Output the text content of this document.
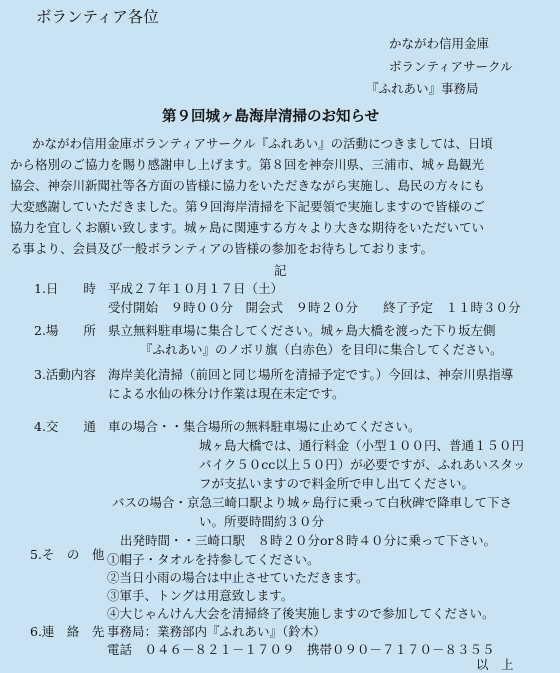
ボランティア各位
かながわ信用金庫
ボランティアサークル
『ふれあい』事務局
第９回城ヶ島海岸清掃のお知らせ
かながわ信用金庫ボランティアサークル『ふれあい』の活動につきましては、日頃
から格別のご協力を賜り感謝申し上げます。第８回を神奈川県、三浦市、城ヶ島観光
協会、神奈川新聞社等各方面の皆様に協力をいただきながら実施し、島民の方々にも
大変感謝していただきました。第９回海岸清掃を下記要領で実施しますので皆様のご
協力を宜しくお願い致します。城ヶ島に関連する方々より大きな期待をいただいてい
る事より、会員及び一般ボランティアの皆様の参加をお待ちしております。
記
1.日　　時 平成２７年１０月１７日（土）
受付開始　９時００分　開会式　９時２０分　　終了予定　１１時３０分
2.場　　所 県立無料駐車場に集合してください。城ヶ島大橋を渡った下り坂左側
『ふれあい』のノボリ旗（白赤色）を目印に集合してください。
3.活動内容 海岸美化清掃（前回と同じ場所を清掃予定です。）今回は、神奈川県指導
による水仙の株分け作業は現在未定です。
4.交　　通 車の場合・・集合場所の無料駐車場に止めてください。
城ヶ島大橋では、通行料金（小型１００円、普通１５０円
バイク５０cc以上５０円）が必要ですが、ふれあいスタッ
フが支払いますので料金所で申し出てください。
バスの場合・京急三崎口駅より城ヶ島行に乗って白秋碑で降車して下さ
い。所要時間約３０分
出発時間・・三崎口駅　８時２０分or８時４０分に乗って下さい。
5.そ　の　他 ①帽子・タオルを持参してください。
②当日小雨の場合は中止させていただきます。
③軍手、トングは用意致します。
④大じゃんけん大会を清掃終了後実施しますので参加してください。
6.連　絡　先 事務局：業務部内『ふれあい』（鈴木）
電話　０４６－８２１－１７０９　携帯０９０－７１７０－８３５５
以　上
